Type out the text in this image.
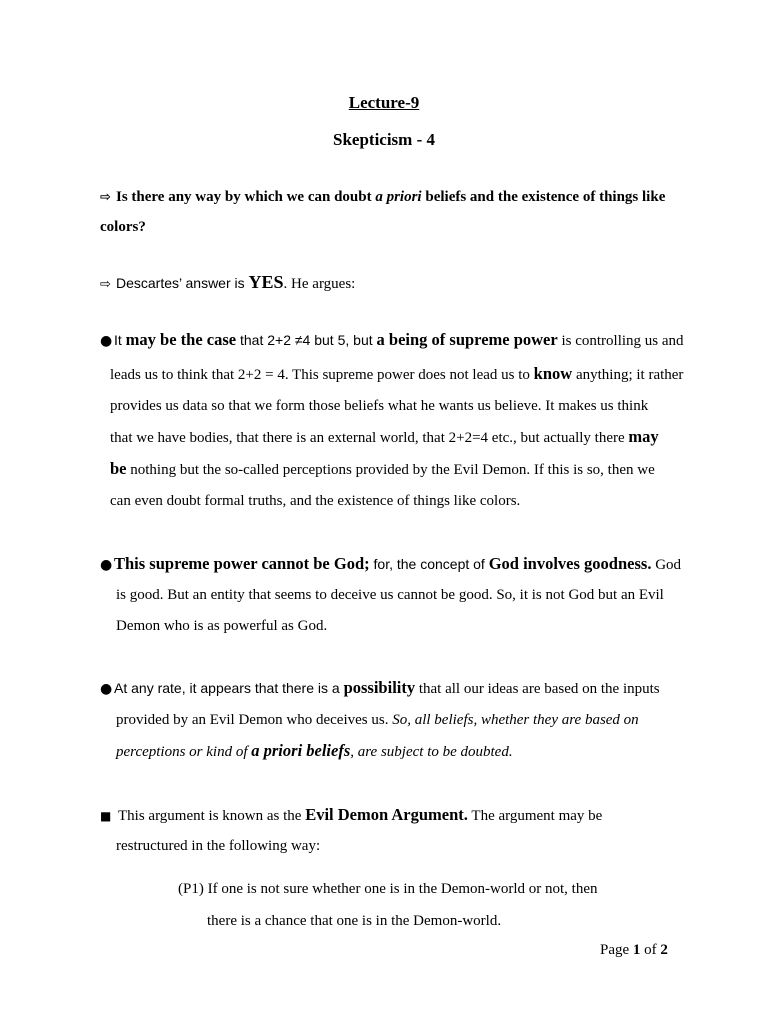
Lecture-9
Skepticism - 4
⇨ Is there any way by which we can doubt a priori beliefs and the existence of things like
colors?
⇨ Descartes’ answer is YES. He argues:
● It may be the case that 2+2 ≠4 but 5, but a being of supreme power is controlling us and
leads us to think that 2+2 = 4. This supreme power does not lead us to know anything; it rather
provides us data so that we form those beliefs what he wants us believe. It makes us think
that we have bodies, that there is an external world, that 2+2=4 etc., but actually there may
be nothing but the so-called perceptions provided by the Evil Demon. If this is so, then we
can even doubt formal truths, and the existence of things like colors.
● This supreme power cannot be God; for, the concept of God involves goodness. God
is good. But an entity that seems to deceive us cannot be good. So, it is not God but an Evil
Demon who is as powerful as God.
● At any rate, it appears that there is a possibility that all our ideas are based on the inputs
provided by an Evil Demon who deceives us. So, all beliefs, whether they are based on
perceptions or kind of a priori beliefs, are subject to be doubted.
■ This argument is known as the Evil Demon Argument. The argument may be
restructured in the following way:
(P1) If one is not sure whether one is in the Demon-world or not, then
there is a chance that one is in the Demon-world.
Page 1 of 2
